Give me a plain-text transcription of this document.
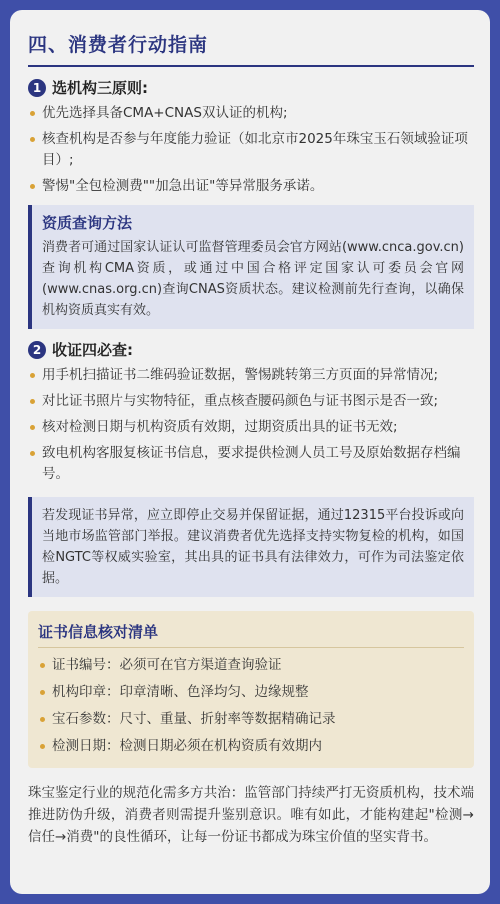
四、消费者行动指南
1 选机构三原则:
优先选择具备CMA+CNAS双认证的机构;
核查机构是否参与年度能力验证（如北京市2025年珠宝玉石领域验证项目）;
警惕"全包检测费""加急出证"等异常服务承诺。
资质查询方法
消费者可通过国家认证认可监督管理委员会官方网站(www.cnca.gov.cn)查询机构CMA资质，或通过中国合格评定国家认可委员会官网(www.cnas.org.cn)查询CNAS资质状态。建议检测前先行查询，以确保机构资质真实有效。
2 收证四必查:
用手机扫描证书二维码验证数据，警惕跳转第三方页面的异常情况;
对比证书照片与实物特征，重点核查腰码颜色与证书图示是否一致;
核对检测日期与机构资质有效期，过期资质出具的证书无效;
致电机构客服复核证书信息，要求提供检测人员工号及原始数据存档编号。
若发现证书异常，应立即停止交易并保留证据，通过12315平台投诉或向当地市场监管部门举报。建议消费者优先选择支持实物复检的机构，如国检NGTC等权威实验室，其出具的证书具有法律效力，可作为司法鉴定依据。
证书信息核对清单
证书编号：必须可在官方渠道查询验证
机构印章：印章清晰、色泽均匀、边缘规整
宝石参数：尺寸、重量、折射率等数据精确记录
检测日期：检测日期必须在机构资质有效期内
珠宝鉴定行业的规范化需多方共治：监管部门持续严打无资质机构，技术端推进防伪升级，消费者则需提升鉴别意识。唯有如此，才能构建起"检测→信任→消费"的良性循环，让每一份证书都成为珠宝价值的坚实背书。
